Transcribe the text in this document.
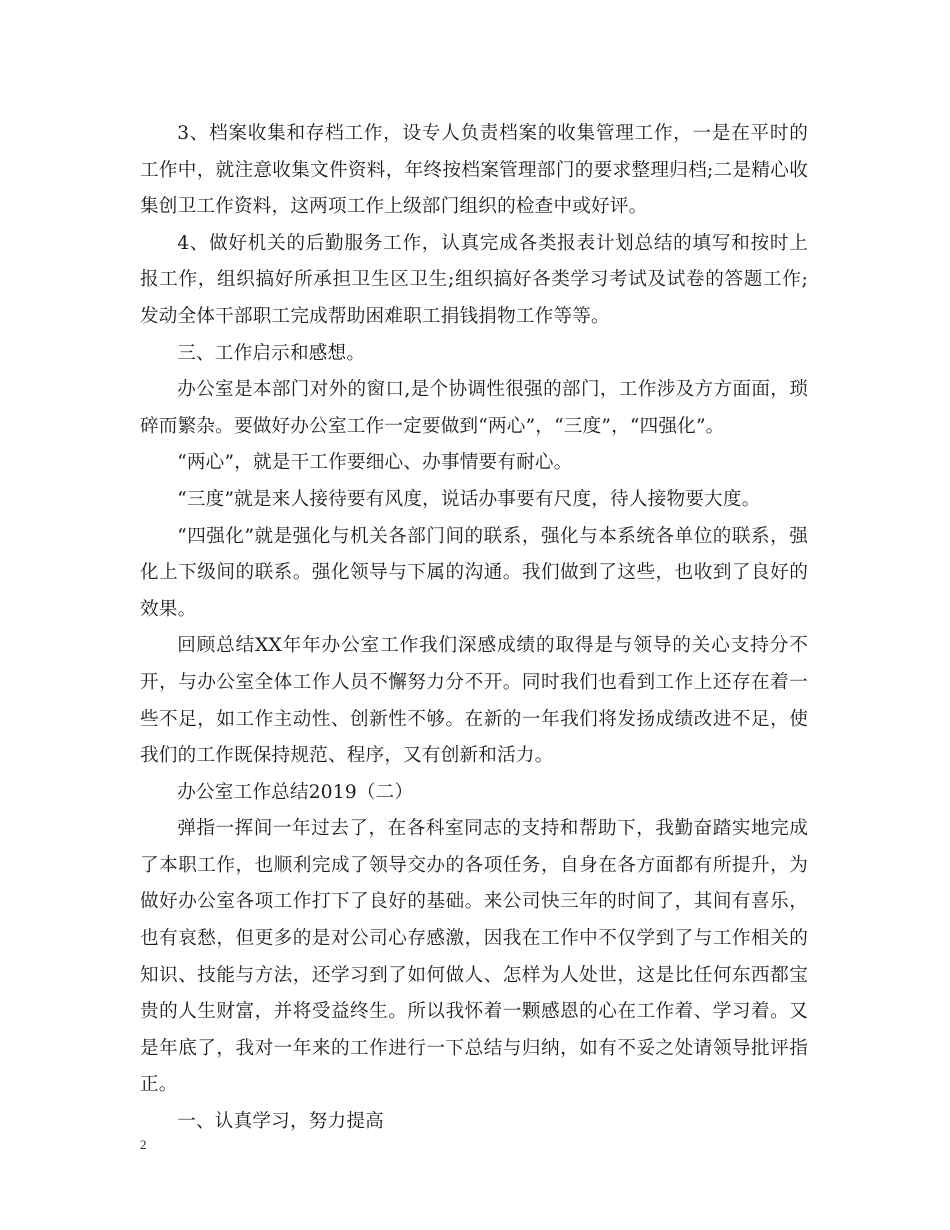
3、档案收集和存档工作，设专人负责档案的收集管理工作，一是在平时的工作中，就注意收集文件资料，年终按档案管理部门的要求整理归档;二是精心收集创卫工作资料，这两项工作上级部门组织的检查中或好评。

4、做好机关的后勤服务工作，认真完成各类报表计划总结的填写和按时上报工作，组织搞好所承担卫生区卫生;组织搞好各类学习考试及试卷的答题工作;发动全体干部职工完成帮助困难职工捐钱捐物工作等等。

三、工作启示和感想。

办公室是本部门对外的窗口,是个协调性很强的部门，工作涉及方方面面，琐碎而繁杂。要做好办公室工作一定要做到“两心”，“三度”，“四强化”。

“两心”，就是干工作要细心、办事情要有耐心。

“三度”就是来人接待要有风度，说话办事要有尺度，待人接物要大度。

“四强化”就是强化与机关各部门间的联系，强化与本系统各单位的联系，强化上下级间的联系。强化领导与下属的沟通。我们做到了这些，也收到了良好的效果。

回顾总结XX年年办公室工作我们深感成绩的取得是与领导的关心支持分不开，与办公室全体工作人员不懈努力分不开。同时我们也看到工作上还存在着一些不足，如工作主动性、创新性不够。在新的一年我们将发扬成绩改进不足，使我们的工作既保持规范、程序，又有创新和活力。

办公室工作总结2019（二）

弹指一挥间一年过去了，在各科室同志的支持和帮助下，我勤奋踏实地完成了本职工作，也顺利完成了领导交办的各项任务，自身在各方面都有所提升，为做好办公室各项工作打下了良好的基础。来公司快三年的时间了，其间有喜乐，也有哀愁，但更多的是对公司心存感激，因我在工作中不仅学到了与工作相关的知识、技能与方法，还学习到了如何做人、怎样为人处世，这是比任何东西都宝贵的人生财富，并将受益终生。所以我怀着一颗感恩的心在工作着、学习着。又是年底了，我对一年来的工作进行一下总结与归纳，如有不妥之处请领导批评指正。

一、认真学习，努力提高

2
